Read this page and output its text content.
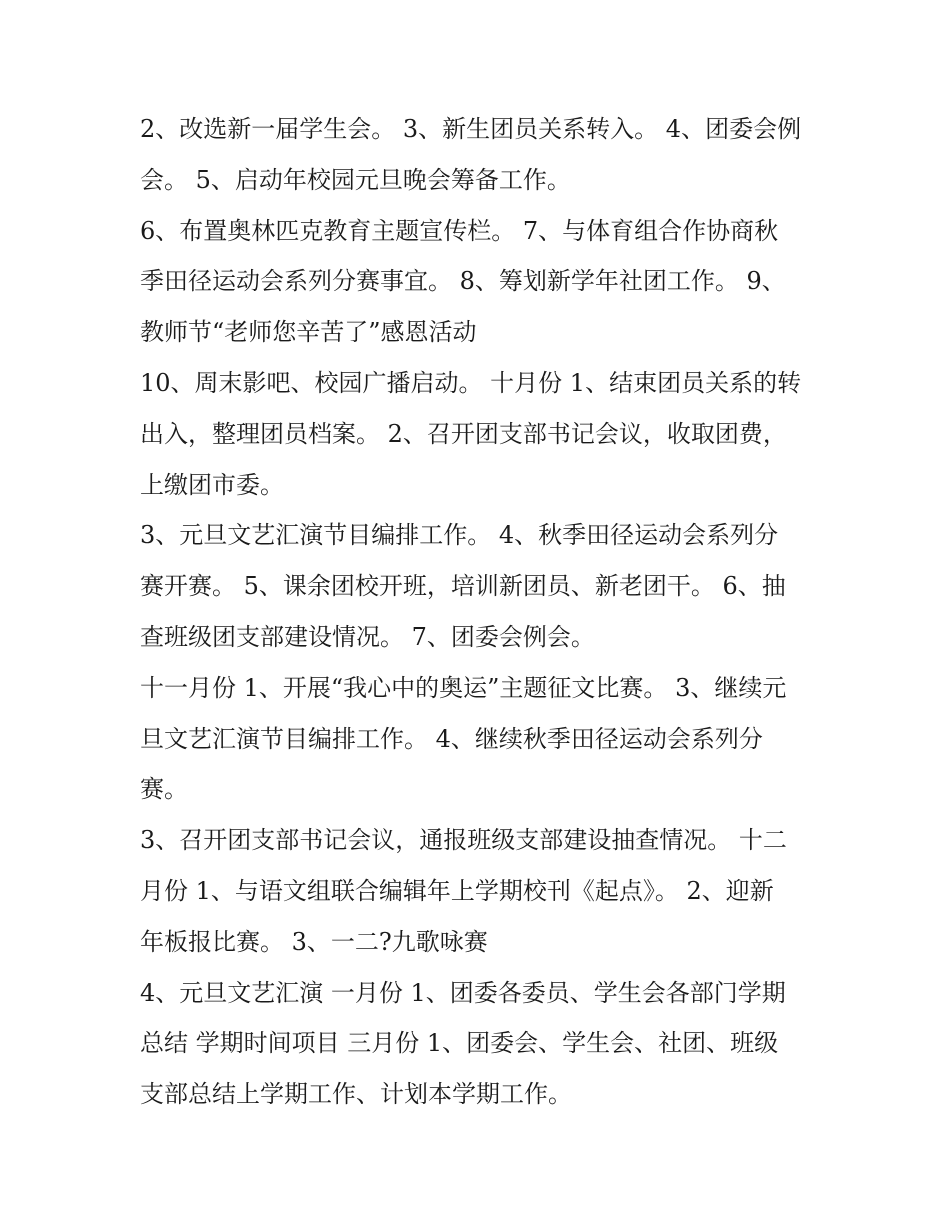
2、改选新一届学生会。 3、新生团员关系转入。 4、团委会例
会。 5、启动年校园元旦晚会筹备工作。
6、布置奥林匹克教育主题宣传栏。 7、与体育组合作协商秋
季田径运动会系列分赛事宜。 8、筹划新学年社团工作。 9、
教师节“老师您辛苦了”感恩活动
10、周末影吧、校园广播启动。 十月份 1、结束团员关系的转
出入，整理团员档案。 2、召开团支部书记会议，收取团费，
上缴团市委。
3、元旦文艺汇演节目编排工作。 4、秋季田径运动会系列分
赛开赛。 5、课余团校开班，培训新团员、新老团干。 6、抽
查班级团支部建设情况。 7、团委会例会。
十一月份 1、开展“我心中的奥运”主题征文比赛。 3、继续元
旦文艺汇演节目编排工作。 4、继续秋季田径运动会系列分
赛。
3、召开团支部书记会议，通报班级支部建设抽查情况。 十二
月份 1、与语文组联合编辑年上学期校刊《起点》。 2、迎新
年板报比赛。 3、一二?九歌咏赛
4、元旦文艺汇演 一月份 1、团委各委员、学生会各部门学期
总结 学期时间项目 三月份 1、团委会、学生会、社团、班级
支部总结上学期工作、计划本学期工作。
